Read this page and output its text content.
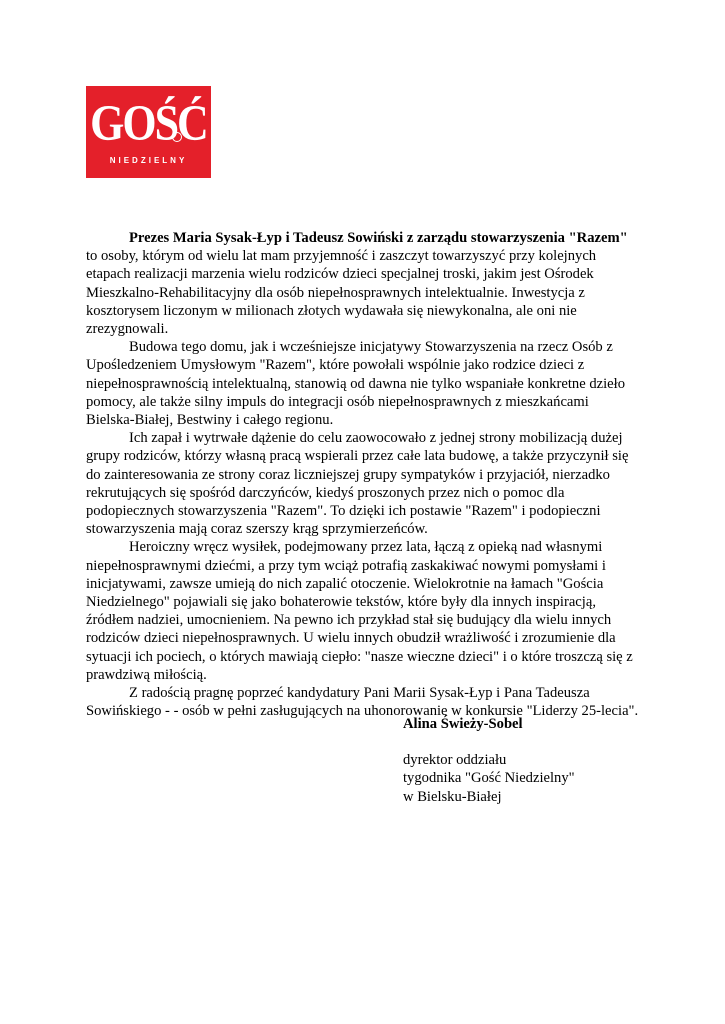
GOŚĆ
NIEDZIELNY

Prezes Maria Sysak-Łyp i Tadeusz Sowiński z zarządu stowarzyszenia "Razem"
to osoby, którym od wielu lat mam przyjemność i zaszczyt towarzyszyć przy kolejnych etapach realizacji marzenia wielu rodziców dzieci specjalnej troski, jakim jest Ośrodek Mieszkalno-Rehabilitacyjny dla osób niepełnosprawnych intelektualnie. Inwestycja z kosztorysem liczonym w milionach złotych wydawała się niewykonalna, ale oni nie zrezygnowali.

Budowa tego domu, jak i wcześniejsze inicjatywy Stowarzyszenia na rzecz Osób z Upośledzeniem Umysłowym "Razem", które powołali wspólnie jako rodzice dzieci z niepełnosprawnością intelektualną, stanowią od dawna nie tylko wspaniałe konkretne dzieło pomocy, ale także silny impuls do integracji osób niepełnosprawnych z mieszkańcami Bielska-Białej, Bestwiny i całego regionu.

Ich zapał i wytrwałe dążenie do celu zaowocowało z jednej strony mobilizacją dużej grupy rodziców, którzy własną pracą wspierali przez całe lata budowę, a także przyczynił się do zainteresowania ze strony coraz liczniejszej grupy sympatyków i przyjaciół, nierzadko rekrutujących się spośród darczyńców, kiedyś proszonych przez nich o pomoc dla podopiecznych stowarzyszenia "Razem". To dzięki ich postawie "Razem" i podopieczni stowarzyszenia mają coraz szerszy krąg sprzymierzeńców.

Heroiczny wręcz wysiłek, podejmowany przez lata, łączą z opieką nad własnymi niepełnosprawnymi dziećmi, a przy tym wciąż potrafią zaskakiwać nowymi pomysłami i inicjatywami, zawsze umieją do nich zapalić otoczenie. Wielokrotnie na łamach "Gościa Niedzielnego" pojawiali się jako bohaterowie tekstów, które były dla innych inspiracją, źródłem nadziei, umocnieniem. Na pewno ich przykład stał się budujący dla wielu innych rodziców dzieci niepełnosprawnych. U wielu innych obudził wrażliwość i zrozumienie dla sytuacji ich pociech, o których mawiają ciepło: "nasze wieczne dzieci" i o które troszczą się z prawdziwą miłością.

Z radością pragnę poprzeć kandydatury Pani Marii Sysak-Łyp i Pana Tadeusza Sowińskiego - - osób w pełni zasługujących na uhonorowanie w konkursie "Liderzy 25-lecia".

Alina Świeży-Sobel
dyrektor oddziału
tygodnika "Gość Niedzielny"
w Bielsku-Białej
